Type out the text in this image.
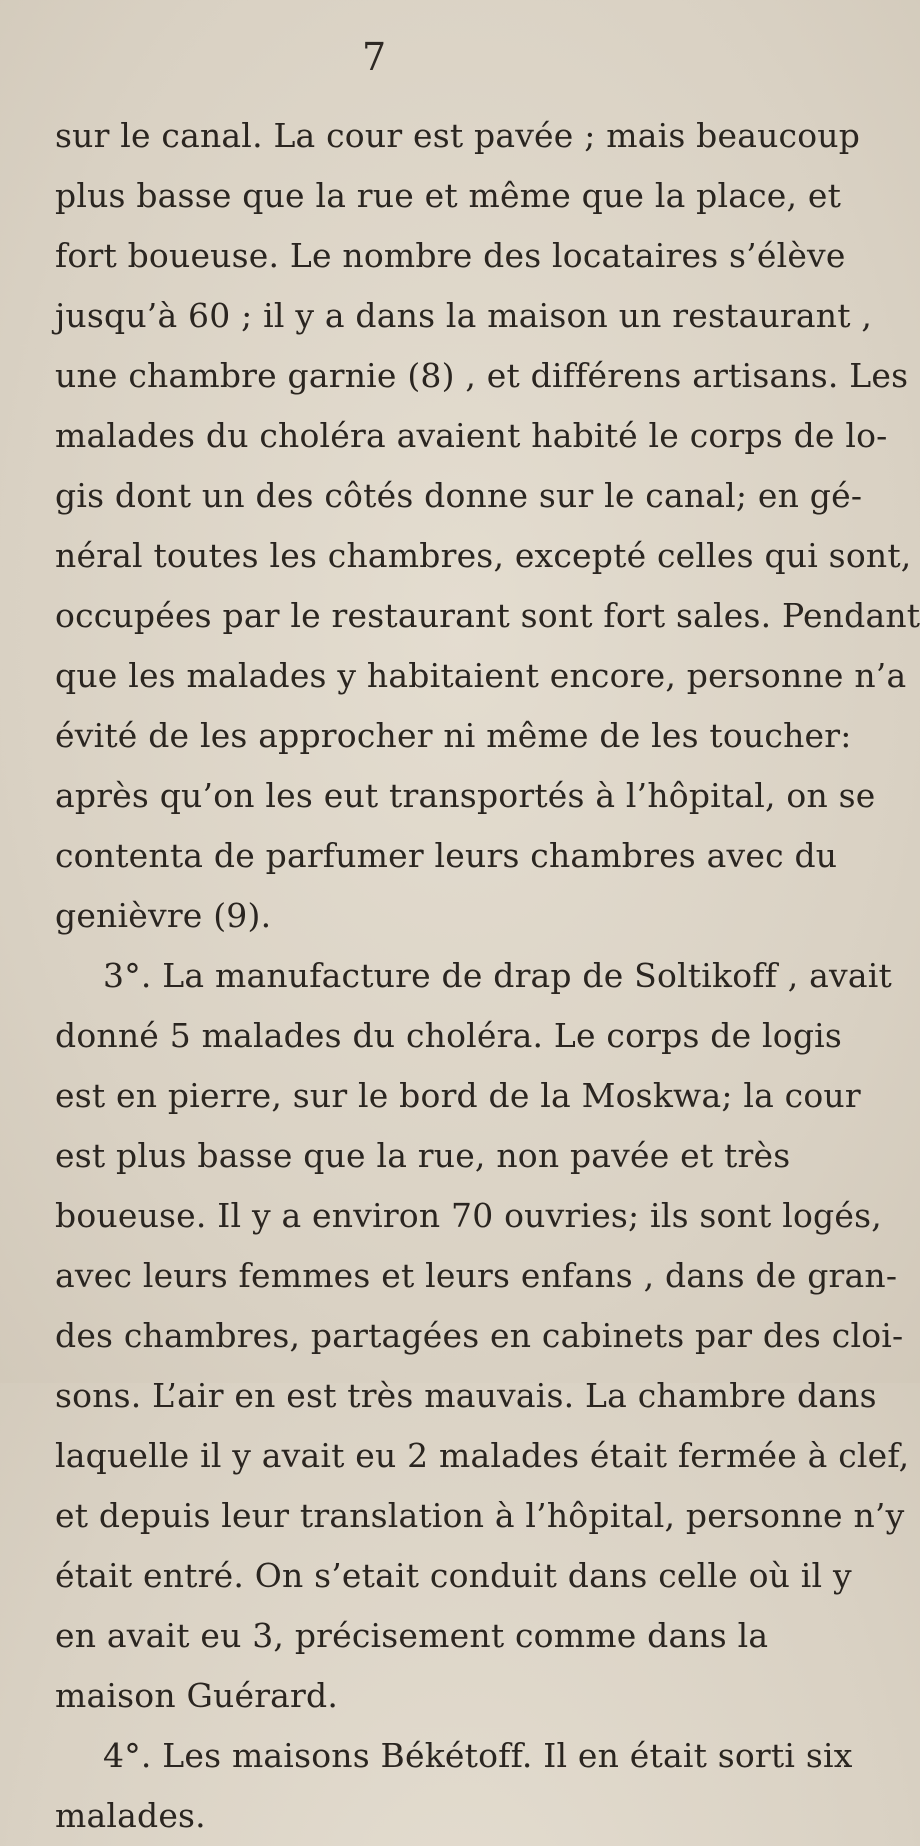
7
sur le canal. La cour est pavée ; mais beaucoup
plus basse que la rue et même que la place, et
fort boueuse. Le nombre des locataires s’élève
jusqu’à 60 ; il y a dans la maison un restaurant ,
une chambre garnie (8) , et différens artisans. Les
malades du choléra avaient habité le corps de lo-
gis dont un des côtés donne sur le canal; en gé-
néral toutes les chambres, excepté celles qui sont,
occupées par le restaurant sont fort sales. Pendant
que les malades y habitaient encore, personne n’a
évité de les approcher ni même de les toucher:
après qu’on les eut transportés à l’hôpital, on se
contenta de parfumer leurs chambres avec du
genièvre (9).
3°. La manufacture de drap de Soltikoff , avait
donné 5 malades du choléra. Le corps de logis
est en pierre, sur le bord de la Moskwa; la cour
est plus basse que la rue, non pavée et très
boueuse. Il y a environ 70 ouvries; ils sont logés,
avec leurs femmes et leurs enfans , dans de gran-
des chambres, partagées en cabinets par des cloi-
sons. L’air en est très mauvais. La chambre dans
laquelle il y avait eu 2 malades était fermée à clef,
et depuis leur translation à l’hôpital, personne n’y
était entré. On s’etait conduit dans celle où il y
en avait eu 3, précisement comme dans la
maison Guérard.
4°. Les maisons Békétoff. Il en était sorti six
malades.
